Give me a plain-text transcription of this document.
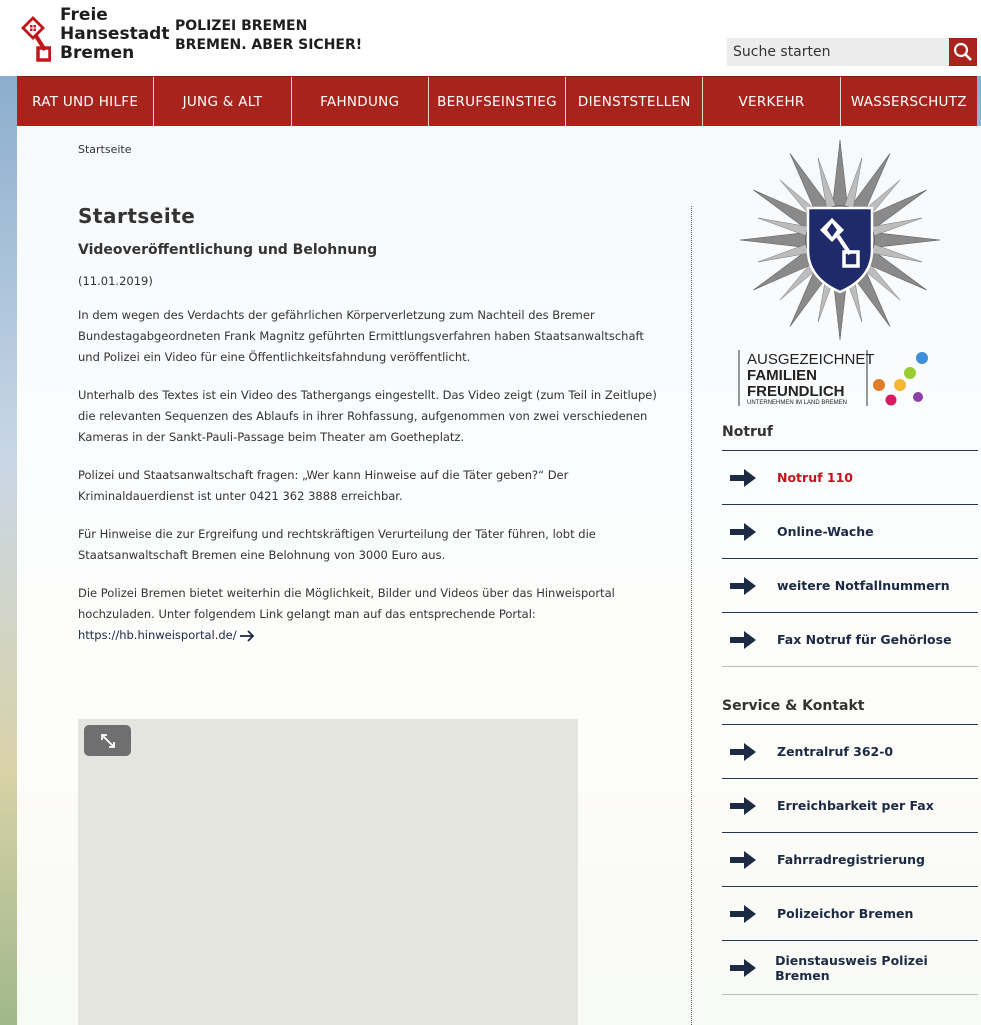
Freie
Hansestadt
Bremen
POLIZEI BREMEN
BREMEN. ABER SICHER!
Suche starten
RAT UND HILFE	JUNG & ALT	FAHNDUNG	BERUFSEINSTIEG	DIENSTSTELLEN	VERKEHR	WASSERSCHUTZ
Startseite
Startseite
Videoveröffentlichung und Belohnung
(11.01.2019)

In dem wegen des Verdachts der gefährlichen Körperverletzung zum Nachteil des Bremer Bundestagabgeordneten Frank Magnitz geführten Ermittlungsverfahren haben Staatsanwaltschaft und Polizei ein Video für eine Öffentlichkeitsfahndung veröffentlicht.

Unterhalb des Textes ist ein Video des Tathergangs eingestellt. Das Video zeigt (zum Teil in Zeitlupe) die relevanten Sequenzen des Ablaufs in ihrer Rohfassung, aufgenommen von zwei verschiedenen Kameras in der Sankt-Pauli-Passage beim Theater am Goetheplatz.

Polizei und Staatsanwaltschaft fragen: „Wer kann Hinweise auf die Täter geben?“ Der Kriminaldauerdienst ist unter 0421 362 3888 erreichbar.

Für Hinweise die zur Ergreifung und rechtskräftigen Verurteilung der Täter führen, lobt die Staatsanwaltschaft Bremen eine Belohnung von 3000 Euro aus.

Die Polizei Bremen bietet weiterhin die Möglichkeit, Bilder und Videos über das Hinweisportal hochzuladen. Unter folgendem Link gelangt man auf das entsprechende Portal:
https://hb.hinweisportal.de/

AUSGEZEICHNET
FAMILIEN
FREUNDLICH
UNTERNEHMEN IM LAND BREMEN
Notruf
Notruf 110
Online-Wache
weitere Notfallnummern
Fax Notruf für Gehörlose
Service & Kontakt
Zentralruf 362-0
Erreichbarkeit per Fax
Fahrradregistrierung
Polizeichor Bremen
Dienstausweis Polizei Bremen
